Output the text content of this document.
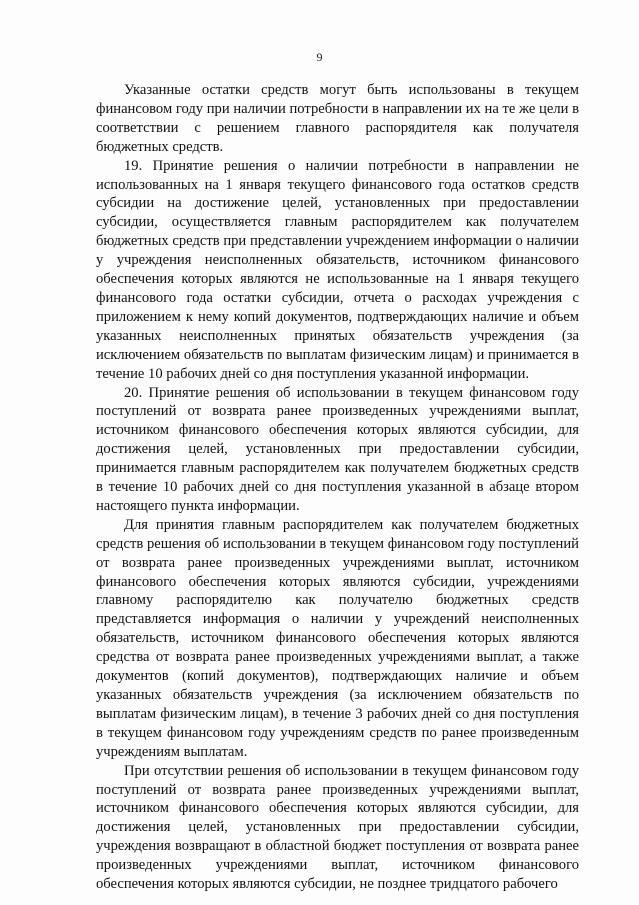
9

Указанные остатки средств могут быть использованы в текущем финансовом году при наличии потребности в направлении их на те же цели в соответствии с решением главного распорядителя как получателя бюджетных средств.

19. Принятие решения о наличии потребности в направлении не использованных на 1 января текущего финансового года остатков средств субсидии на достижение целей, установленных при предоставлении субсидии, осуществляется главным распорядителем как получателем бюджетных средств при представлении учреждением информации о наличии у учреждения неисполненных обязательств, источником финансового обеспечения которых являются не использованные на 1 января текущего финансового года остатки субсидии, отчета о расходах учреждения с приложением к нему копий документов, подтверждающих наличие и объем указанных неисполненных принятых обязательств учреждения (за исключением обязательств по выплатам физическим лицам) и принимается в течение 10 рабочих дней со дня поступления указанной информации.

20. Принятие решения об использовании в текущем финансовом году поступлений от возврата ранее произведенных учреждениями выплат, источником финансового обеспечения которых являются субсидии, для достижения целей, установленных при предоставлении субсидии, принимается главным распорядителем как получателем бюджетных средств в течение 10 рабочих дней со дня поступления указанной в абзаце втором настоящего пункта информации.

Для принятия главным распорядителем как получателем бюджетных средств решения об использовании в текущем финансовом году поступлений от возврата ранее произведенных учреждениями выплат, источником финансового обеспечения которых являются субсидии, учреждениями главному распорядителю как получателю бюджетных средств представляется информация о наличии у учреждений неисполненных обязательств, источником финансового обеспечения которых являются средства от возврата ранее произведенных учреждениями выплат, а также документов (копий документов), подтверждающих наличие и объем указанных обязательств учреждения (за исключением обязательств по выплатам физическим лицам), в течение 3 рабочих дней со дня поступления в текущем финансовом году учреждениям средств по ранее произведенным учреждениям выплатам.

При отсутствии решения об использовании в текущем финансовом году поступлений от возврата ранее произведенных учреждениями выплат, источником финансового обеспечения которых являются субсидии, для достижения целей, установленных при предоставлении субсидии, учреждения возвращают в областной бюджет поступления от возврата ранее произведенных учреждениями выплат, источником финансового обеспечения которых являются субсидии, не позднее тридцатого рабочего
